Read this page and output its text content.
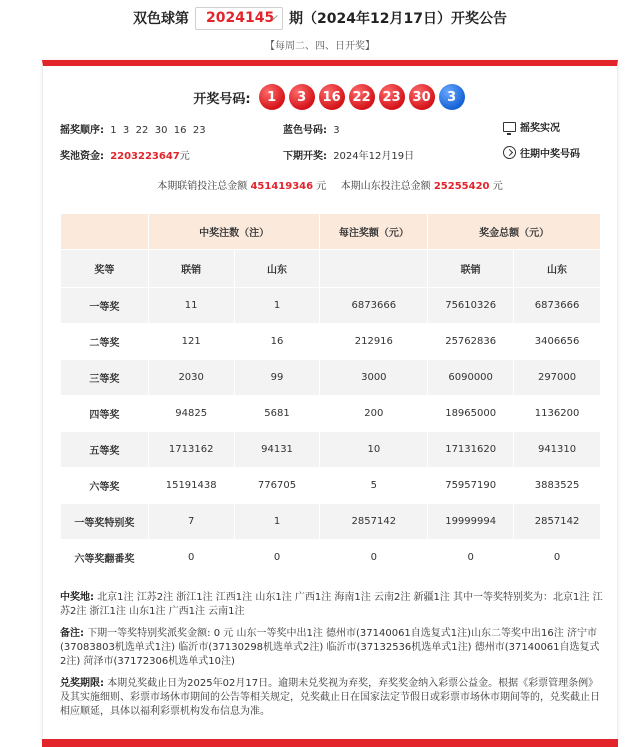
双色球第 2024145 期（2024年12月17日）开奖公告
【每周二、四、日开奖】
开奖号码:	1	3	16 22 23 30	3
摇奖顺序: 1  3  22  30  16  23	蓝色号码: 3	摇奖实况
奖池资金: 2203223647元	下期开奖: 2024年12月19日	往期中奖号码
本期联销投注总金额 451419346 元 本期山东投注总金额 25255420 元
	中奖注数（注）		每注奖额（元）	奖金总额（元）	
奖等	联销	山东		联销	山东
一等奖	11	1	6873666	75610326	6873666
二等奖	121	16	212916	25762836	3406656
三等奖	2030	99	3000	6090000	297000
四等奖	94825	5681	200	18965000	1136200
五等奖	1713162	94131	10	17131620	941310
六等奖	15191438	776705	5	75957190	3883525
一等奖特别奖	7	1	2857142	19999994	2857142
六等奖翻番奖	0	0	0	0	0

中奖地: 北京1注 江苏2注 浙江1注 江西1注 山东1注 广西1注 海南1注 云南2注 新疆1注 其中一等奖特别奖为：北京1注 江苏2注 浙江1注 山东1注 广西1注 云南1注

备注: 下期一等奖特别奖派奖金额: 0 元 山东一等奖中出1注 德州市(37140061自选复式1注)山东二等奖中出16注 济宁市(37083803机选单式1注) 临沂市(37130298机选单式2注) 临沂市(37132536机选单式1注) 德州市(37140061自选复式2注) 菏泽市(37172306机选单式10注)

兑奖期限: 本期兑奖截止日为2025年02月17日。逾期未兑奖视为弃奖，弃奖奖金纳入彩票公益金。根据《彩票管理条例》及其实施细则、彩票市场休市期间的公告等相关规定，兑奖截止日在国家法定节假日或彩票市场休市期间等的，兑奖截止日相应顺延，具体以福利彩票机构发布信息为准。
